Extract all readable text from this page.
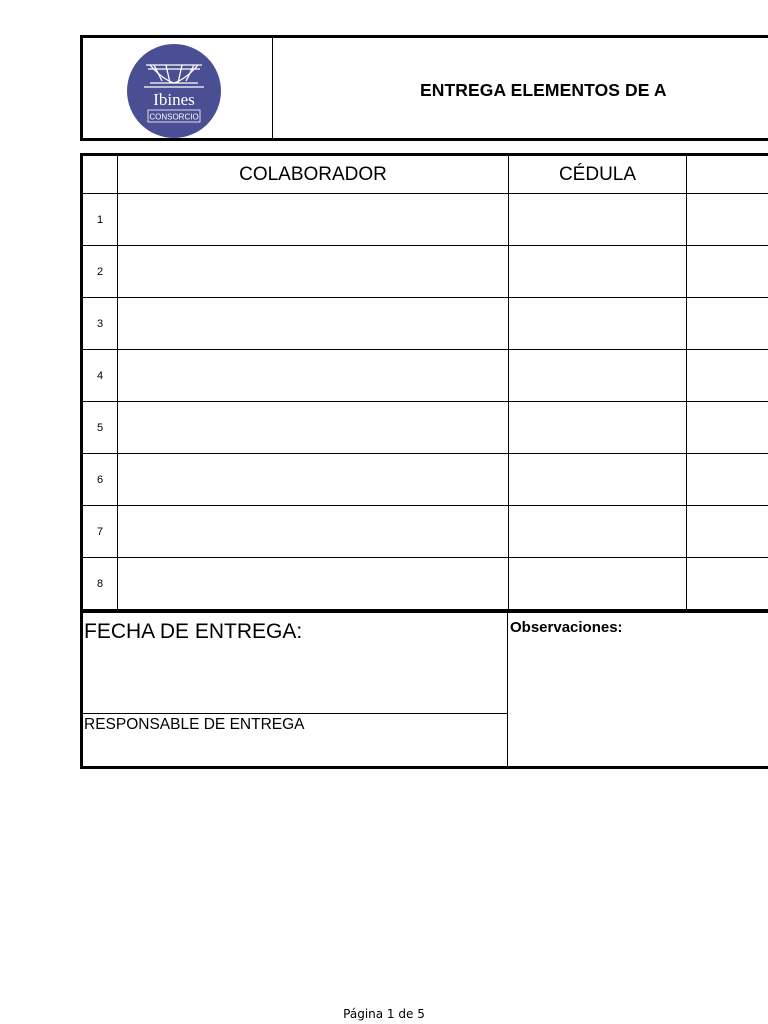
Ibines
CONSORCIO
ENTREGA ELEMENTOS DE A
COLABORADOR	CÉDULA
1
2
3
4
5
6
7
8
FECHA DE ENTREGA:
RESPONSABLE DE ENTREGA
Observaciones:
Página 1 de 5
